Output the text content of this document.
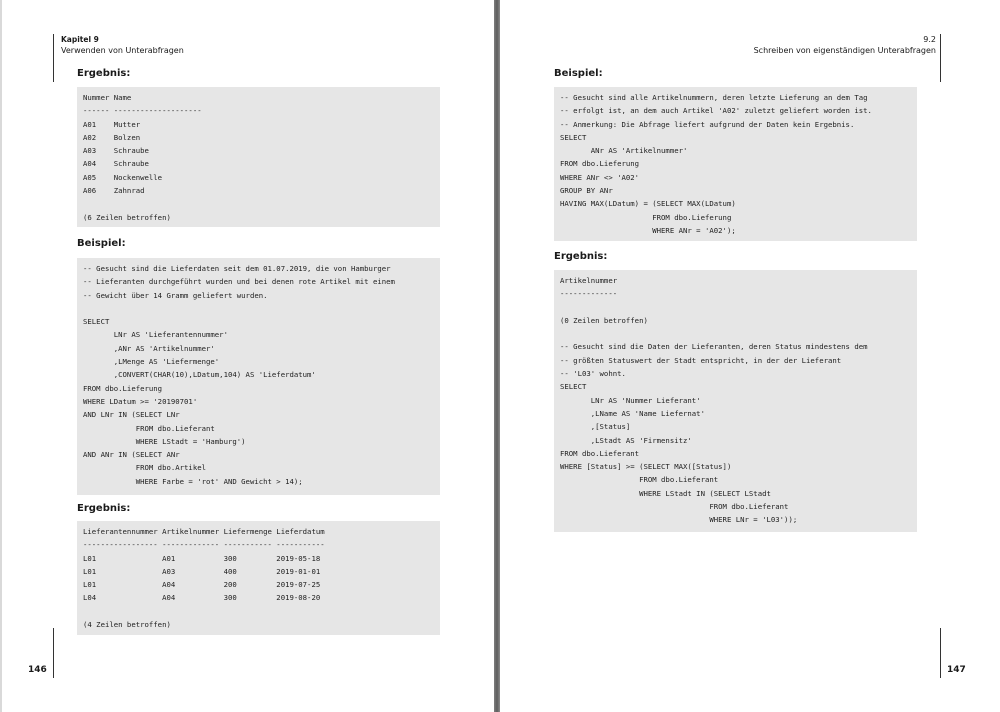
Kapitel 9
Verwenden von Unterabfragen
Ergebnis:
Nummer Name
------ --------------------
A01    Mutter
A02    Bolzen
A03    Schraube
A04    Schraube
A05    Nockenwelle
A06    Zahnrad

(6 Zeilen betroffen)
Beispiel:
-- Gesucht sind die Lieferdaten seit dem 01.07.2019, die von Hamburger
-- Lieferanten durchgeführt wurden und bei denen rote Artikel mit einem
-- Gewicht über 14 Gramm geliefert wurden.

SELECT
LNr AS 'Lieferantennummer'
,ANr AS 'Artikelnummer'
,LMenge AS 'Liefermenge'
,CONVERT(CHAR(10),LDatum,104) AS 'Lieferdatum'
FROM dbo.Lieferung
WHERE LDatum >= '20190701'
AND LNr IN (SELECT LNr
FROM dbo.Lieferant
WHERE LStadt = 'Hamburg')
AND ANr IN (SELECT ANr
FROM dbo.Artikel
WHERE Farbe = 'rot' AND Gewicht > 14);
Ergebnis:
Lieferantennummer Artikelnummer Liefermenge Lieferdatum
----------------- ------------- ----------- -----------
L01               A01           300         2019-05-18
L01               A03           400         2019-01-01
L01               A04           200         2019-07-25
L04               A04           300         2019-08-20

(4 Zeilen betroffen)
146
9.2
Schreiben von eigenständigen Unterabfragen
Beispiel:
-- Gesucht sind alle Artikelnummern, deren letzte Lieferung an dem Tag
-- erfolgt ist, an dem auch Artikel 'A02' zuletzt geliefert worden ist.
-- Anmerkung: Die Abfrage liefert aufgrund der Daten kein Ergebnis.
SELECT
ANr AS 'Artikelnummer'
FROM dbo.Lieferung
WHERE ANr <> 'A02'
GROUP BY ANr
HAVING MAX(LDatum) = (SELECT MAX(LDatum)
FROM dbo.Lieferung
WHERE ANr = 'A02');
Ergebnis:
Artikelnummer
-------------

(0 Zeilen betroffen)

-- Gesucht sind die Daten der Lieferanten, deren Status mindestens dem
-- größten Statuswert der Stadt entspricht, in der der Lieferant
-- 'L03' wohnt.
SELECT
LNr AS 'Nummer Lieferant'
,LName AS 'Name Liefernat'
,[Status]
,LStadt AS 'Firmensitz'
FROM dbo.Lieferant
WHERE [Status] >= (SELECT MAX([Status])
FROM dbo.Lieferant
WHERE LStadt IN (SELECT LStadt
FROM dbo.Lieferant
WHERE LNr = 'L03'));
147
